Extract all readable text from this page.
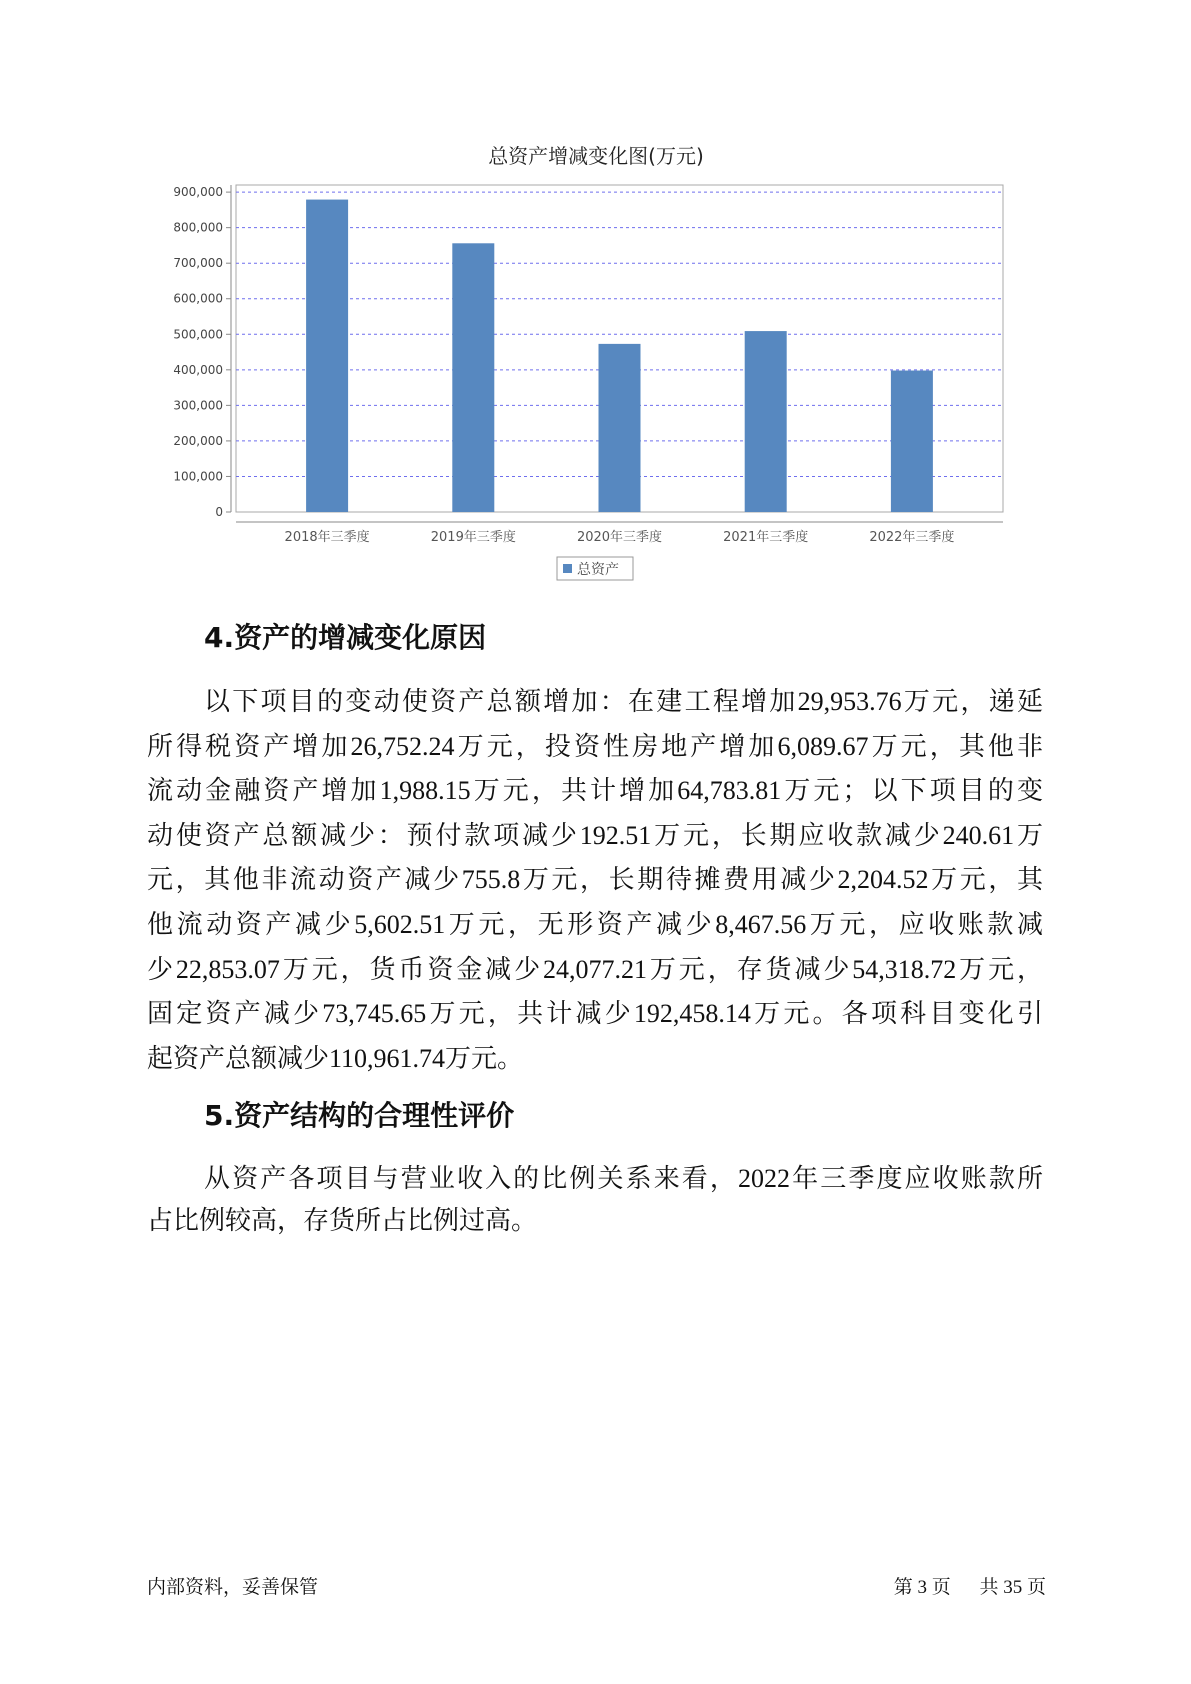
总资产增减变化图(万元)
0
100,000
200,000
300,000
400,000
500,000
600,000
700,000
800,000
900,000
2018年三季度	2019年三季度	2020年三季度	2021年三季度	2022年三季度
总资产
4.资产的增减变化原因
以下项目的变动使资产总额增加：在建工程增加29,953.76万元，递延
所得税资产增加26,752.24万元，投资性房地产增加6,089.67万元，其他非
流动金融资产增加1,988.15万元，共计增加64,783.81万元；以下项目的变
动使资产总额减少：预付款项减少192.51万元，长期应收款减少240.61万
元，其他非流动资产减少755.8万元，长期待摊费用减少2,204.52万元，其
他流动资产减少5,602.51万元，无形资产减少8,467.56万元，应收账款减
少22,853.07万元，货币资金减少24,077.21万元，存货减少54,318.72万元，
固定资产减少73,745.65万元，共计减少192,458.14万元。各项科目变化引
起资产总额减少110,961.74万元。
5.资产结构的合理性评价
从资产各项目与营业收入的比例关系来看，2022年三季度应收账款所
占比例较高，存货所占比例过高。
内部资料，妥善保管	第 3 页 共 35 页
